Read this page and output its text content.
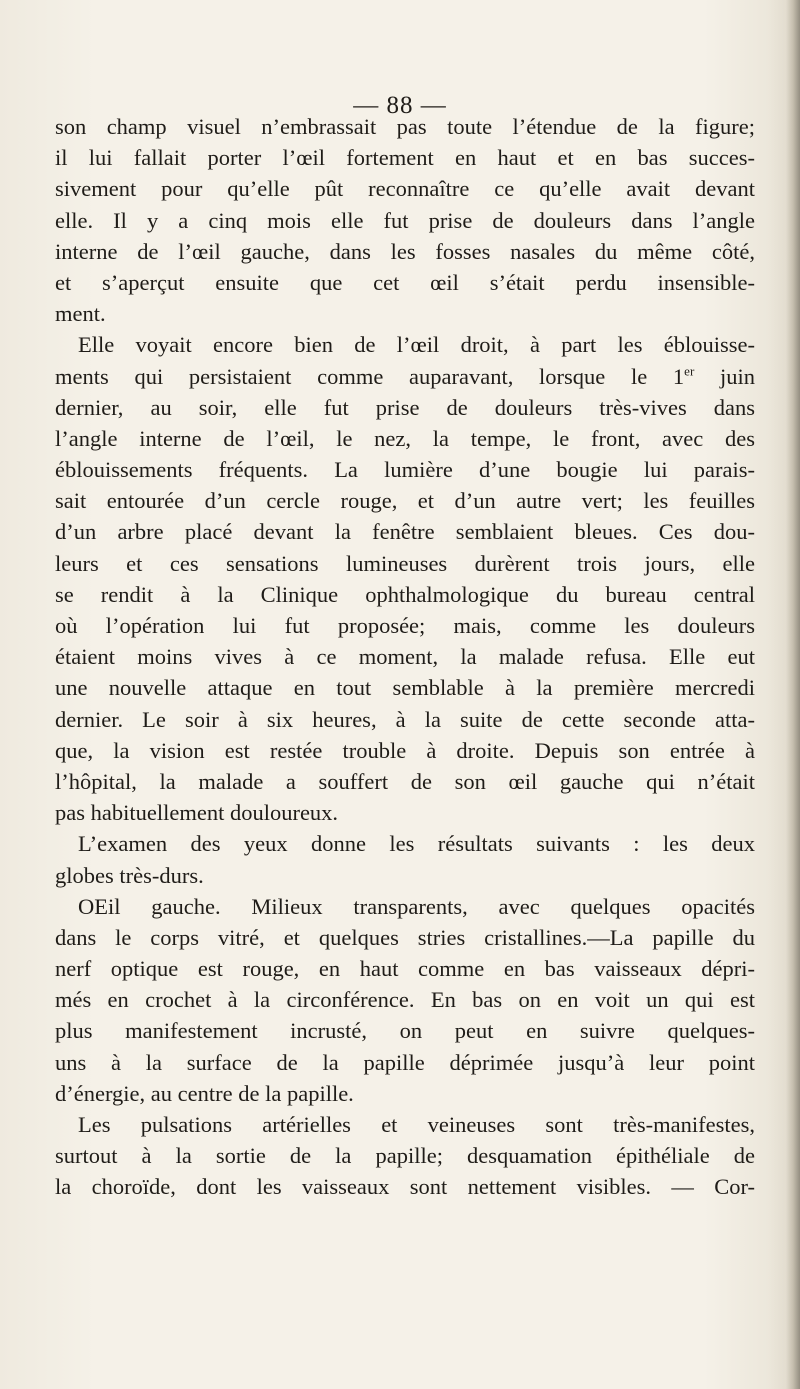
— 88 —
son champ visuel n’embrassait pas toute l’étendue de la figure;
il lui fallait porter l’œil fortement en haut et en bas succes-
sivement pour qu’elle pût reconnaître ce qu’elle avait devant
elle. Il y a cinq mois elle fut prise de douleurs dans l’angle
interne de l’œil gauche, dans les fosses nasales du même côté,
et s’aperçut ensuite que cet œil s’était perdu insensible-
ment.
Elle voyait encore bien de l’œil droit, à part les éblouisse-
ments qui persistaient comme auparavant, lorsque le 1er juin
dernier, au soir, elle fut prise de douleurs très-vives dans
l’angle interne de l’œil, le nez, la tempe, le front, avec des
éblouissements fréquents. La lumière d’une bougie lui parais-
sait entourée d’un cercle rouge, et d’un autre vert; les feuilles
d’un arbre placé devant la fenêtre semblaient bleues. Ces dou-
leurs et ces sensations lumineuses durèrent trois jours, elle
se rendit à la Clinique ophthalmologique du bureau central
où l’opération lui fut proposée; mais, comme les douleurs
étaient moins vives à ce moment, la malade refusa. Elle eut
une nouvelle attaque en tout semblable à la première mercredi
dernier. Le soir à six heures, à la suite de cette seconde atta-
que, la vision est restée trouble à droite. Depuis son entrée à
l’hôpital, la malade a souffert de son œil gauche qui n’était
pas habituellement douloureux.
L’examen des yeux donne les résultats suivants : les deux
globes très-durs.
OEil gauche. Milieux transparents, avec quelques opacités
dans le corps vitré, et quelques stries cristallines.—La papille du
nerf optique est rouge, en haut comme en bas vaisseaux dépri-
més en crochet à la circonférence. En bas on en voit un qui est
plus manifestement incrusté, on peut en suivre quelques-
uns à la surface de la papille déprimée jusqu’à leur point
d’énergie, au centre de la papille.
Les pulsations artérielles et veineuses sont très-manifestes,
surtout à la sortie de la papille; desquamation épithéliale de
la choroïde, dont les vaisseaux sont nettement visibles. — Cor-
